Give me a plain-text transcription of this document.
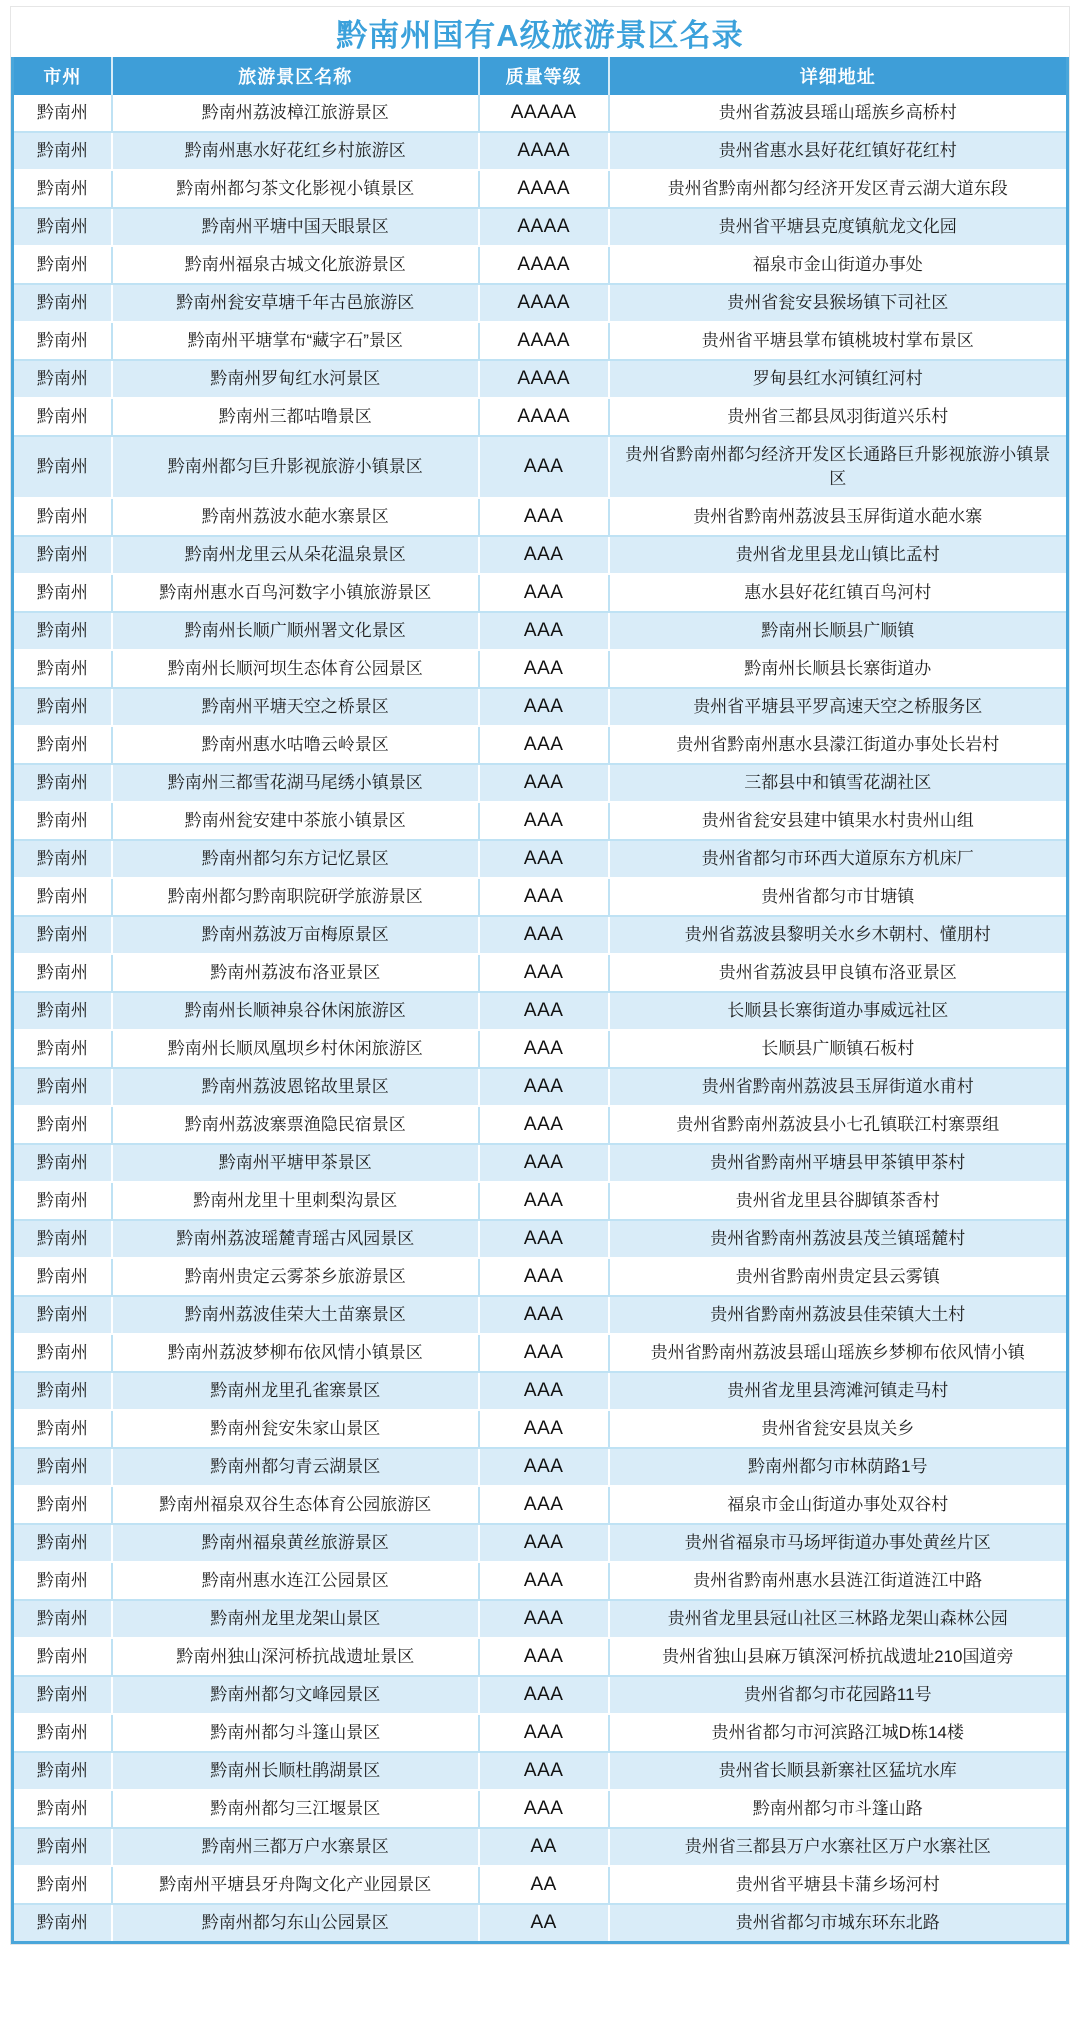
黔南州国有A级旅游景区名录
市州	旅游景区名称	质量等级	详细地址
黔南州	黔南州荔波樟江旅游景区	AAAAA	贵州省荔波县瑶山瑶族乡高桥村
黔南州	黔南州惠水好花红乡村旅游区	AAAA	贵州省惠水县好花红镇好花红村
黔南州	黔南州都匀茶文化影视小镇景区	AAAA	贵州省黔南州都匀经济开发区青云湖大道东段
黔南州	黔南州平塘中国天眼景区	AAAA	贵州省平塘县克度镇航龙文化园
黔南州	黔南州福泉古城文化旅游景区	AAAA	福泉市金山街道办事处
黔南州	黔南州瓮安草塘千年古邑旅游区	AAAA	贵州省瓮安县猴场镇下司社区
黔南州	黔南州平塘掌布“藏字石”景区	AAAA	贵州省平塘县掌布镇桃坡村掌布景区
黔南州	黔南州罗甸红水河景区	AAAA	罗甸县红水河镇红河村
黔南州	黔南州三都咕噜景区	AAAA	贵州省三都县凤羽街道兴乐村
黔南州	黔南州都匀巨升影视旅游小镇景区	AAA	贵州省黔南州都匀经济开发区长通路巨升影视旅游小镇景区
黔南州	黔南州荔波水葩水寨景区	AAA	贵州省黔南州荔波县玉屏街道水葩水寨
黔南州	黔南州龙里云从朵花温泉景区	AAA	贵州省龙里县龙山镇比孟村
黔南州	黔南州惠水百鸟河数字小镇旅游景区	AAA	惠水县好花红镇百鸟河村
黔南州	黔南州长顺广顺州署文化景区	AAA	黔南州长顺县广顺镇
黔南州	黔南州长顺河坝生态体育公园景区	AAA	黔南州长顺县长寨街道办
黔南州	黔南州平塘天空之桥景区	AAA	贵州省平塘县平罗高速天空之桥服务区
黔南州	黔南州惠水咕噜云岭景区	AAA	贵州省黔南州惠水县濛江街道办事处长岩村
黔南州	黔南州三都雪花湖马尾绣小镇景区	AAA	三都县中和镇雪花湖社区
黔南州	黔南州瓮安建中茶旅小镇景区	AAA	贵州省瓮安县建中镇果水村贵州山组
黔南州	黔南州都匀东方记忆景区	AAA	贵州省都匀市环西大道原东方机床厂
黔南州	黔南州都匀黔南职院研学旅游景区	AAA	贵州省都匀市甘塘镇
黔南州	黔南州荔波万亩梅原景区	AAA	贵州省荔波县黎明关水乡木朝村、懂朋村
黔南州	黔南州荔波布洛亚景区	AAA	贵州省荔波县甲良镇布洛亚景区
黔南州	黔南州长顺神泉谷休闲旅游区	AAA	长顺县长寨街道办事威远社区
黔南州	黔南州长顺凤凰坝乡村休闲旅游区	AAA	长顺县广顺镇石板村
黔南州	黔南州荔波恩铭故里景区	AAA	贵州省黔南州荔波县玉屏街道水甫村
黔南州	黔南州荔波寨票渔隐民宿景区	AAA	贵州省黔南州荔波县小七孔镇联江村寨票组
黔南州	黔南州平塘甲茶景区	AAA	贵州省黔南州平塘县甲茶镇甲茶村
黔南州	黔南州龙里十里刺梨沟景区	AAA	贵州省龙里县谷脚镇茶香村
黔南州	黔南州荔波瑶麓青瑶古风园景区	AAA	贵州省黔南州荔波县茂兰镇瑶麓村
黔南州	黔南州贵定云雾茶乡旅游景区	AAA	贵州省黔南州贵定县云雾镇
黔南州	黔南州荔波佳荣大土苗寨景区	AAA	贵州省黔南州荔波县佳荣镇大土村
黔南州	黔南州荔波梦柳布依风情小镇景区	AAA	贵州省黔南州荔波县瑶山瑶族乡梦柳布依风情小镇
黔南州	黔南州龙里孔雀寨景区	AAA	贵州省龙里县湾滩河镇走马村
黔南州	黔南州瓮安朱家山景区	AAA	贵州省瓮安县岚关乡
黔南州	黔南州都匀青云湖景区	AAA	黔南州都匀市林荫路1号
黔南州	黔南州福泉双谷生态体育公园旅游区	AAA	福泉市金山街道办事处双谷村
黔南州	黔南州福泉黄丝旅游景区	AAA	贵州省福泉市马场坪街道办事处黄丝片区
黔南州	黔南州惠水连江公园景区	AAA	贵州省黔南州惠水县涟江街道涟江中路
黔南州	黔南州龙里龙架山景区	AAA	贵州省龙里县冠山社区三林路龙架山森林公园
黔南州	黔南州独山深河桥抗战遗址景区	AAA	贵州省独山县麻万镇深河桥抗战遗址210国道旁
黔南州	黔南州都匀文峰园景区	AAA	贵州省都匀市花园路11号
黔南州	黔南州都匀斗篷山景区	AAA	贵州省都匀市河滨路江城D栋14楼
黔南州	黔南州长顺杜鹃湖景区	AAA	贵州省长顺县新寨社区猛坑水库
黔南州	黔南州都匀三江堰景区	AAA	黔南州都匀市斗篷山路
黔南州	黔南州三都万户水寨景区	AA	贵州省三都县万户水寨社区万户水寨社区
黔南州	黔南州平塘县牙舟陶文化产业园景区	AA	贵州省平塘县卡蒲乡场河村
黔南州	黔南州都匀东山公园景区	AA	贵州省都匀市城东环东北路
